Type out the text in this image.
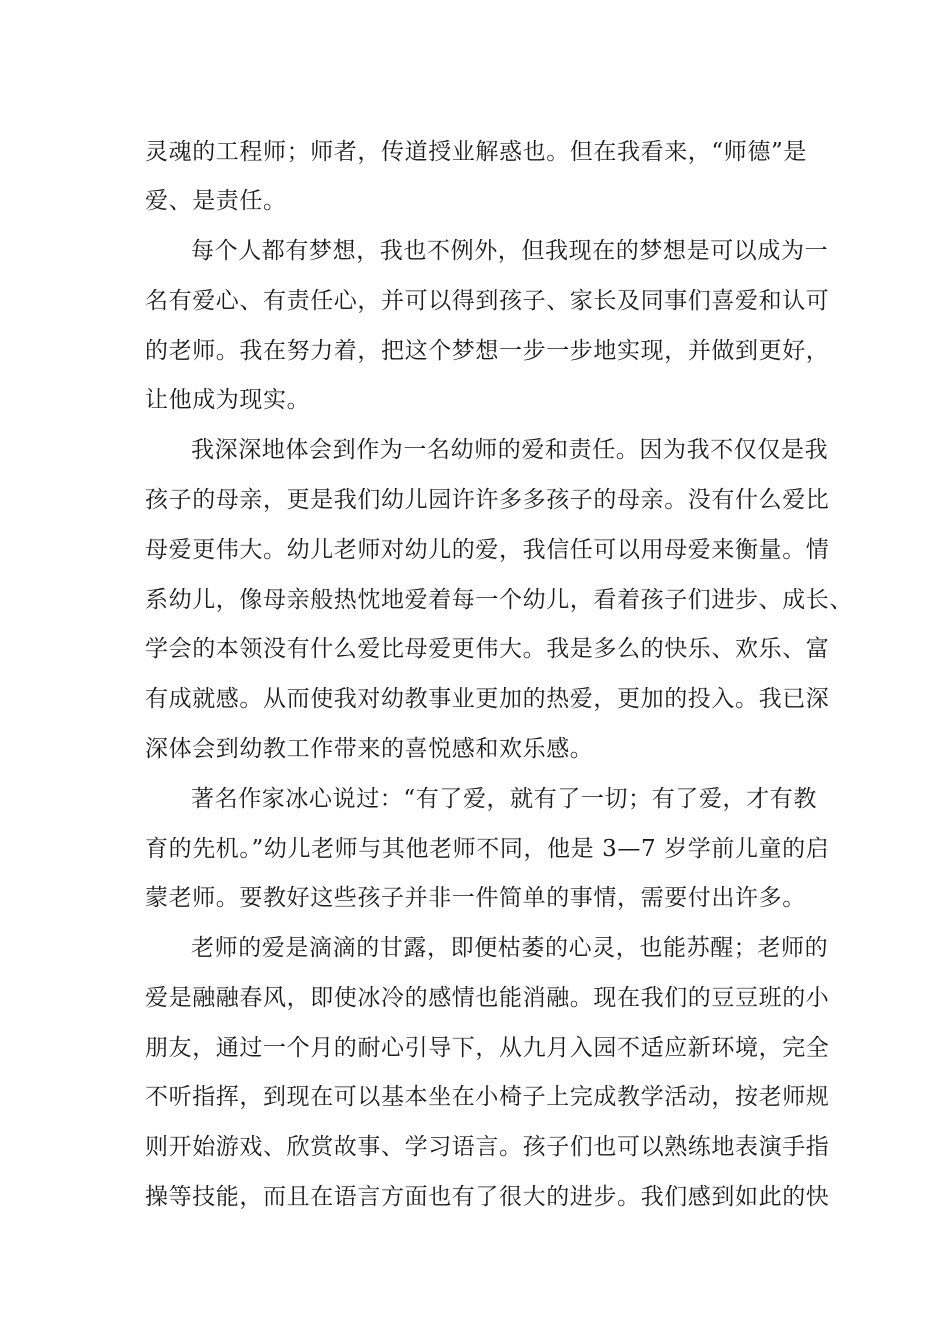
灵魂的工程师；师者，传道授业解惑也。但在我看来，“师德”是
爱、是责任。
每个人都有梦想，我也不例外，但我现在的梦想是可以成为一
名有爱心、有责任心，并可以得到孩子、家长及同事们喜爱和认可
的老师。我在努力着，把这个梦想一步一步地实现，并做到更好，
让他成为现实。
我深深地体会到作为一名幼师的爱和责任。因为我不仅仅是我
孩子的母亲，更是我们幼儿园许许多多孩子的母亲。没有什么爱比
母爱更伟大。幼儿老师对幼儿的爱，我信任可以用母爱来衡量。情
系幼儿，像母亲般热忱地爱着每一个幼儿，看着孩子们进步、成长、
学会的本领没有什么爱比母爱更伟大。我是多么的快乐、欢乐、富
有成就感。从而使我对幼教事业更加的热爱，更加的投入。我已深
深体会到幼教工作带来的喜悦感和欢乐感。
著名作家冰心说过：“有了爱，就有了一切；有了爱，才有教
育的先机。”幼儿老师与其他老师不同，他是 3—7 岁学前儿童的启
蒙老师。要教好这些孩子并非一件简单的事情，需要付出许多。
老师的爱是滴滴的甘露，即便枯萎的心灵，也能苏醒；老师的
爱是融融春风，即使冰冷的感情也能消融。现在我们的豆豆班的小
朋友，通过一个月的耐心引导下，从九月入园不适应新环境，完全
不听指挥，到现在可以基本坐在小椅子上完成教学活动，按老师规
则开始游戏、欣赏故事、学习语言。孩子们也可以熟练地表演手指
操等技能，而且在语言方面也有了很大的进步。我们感到如此的快
